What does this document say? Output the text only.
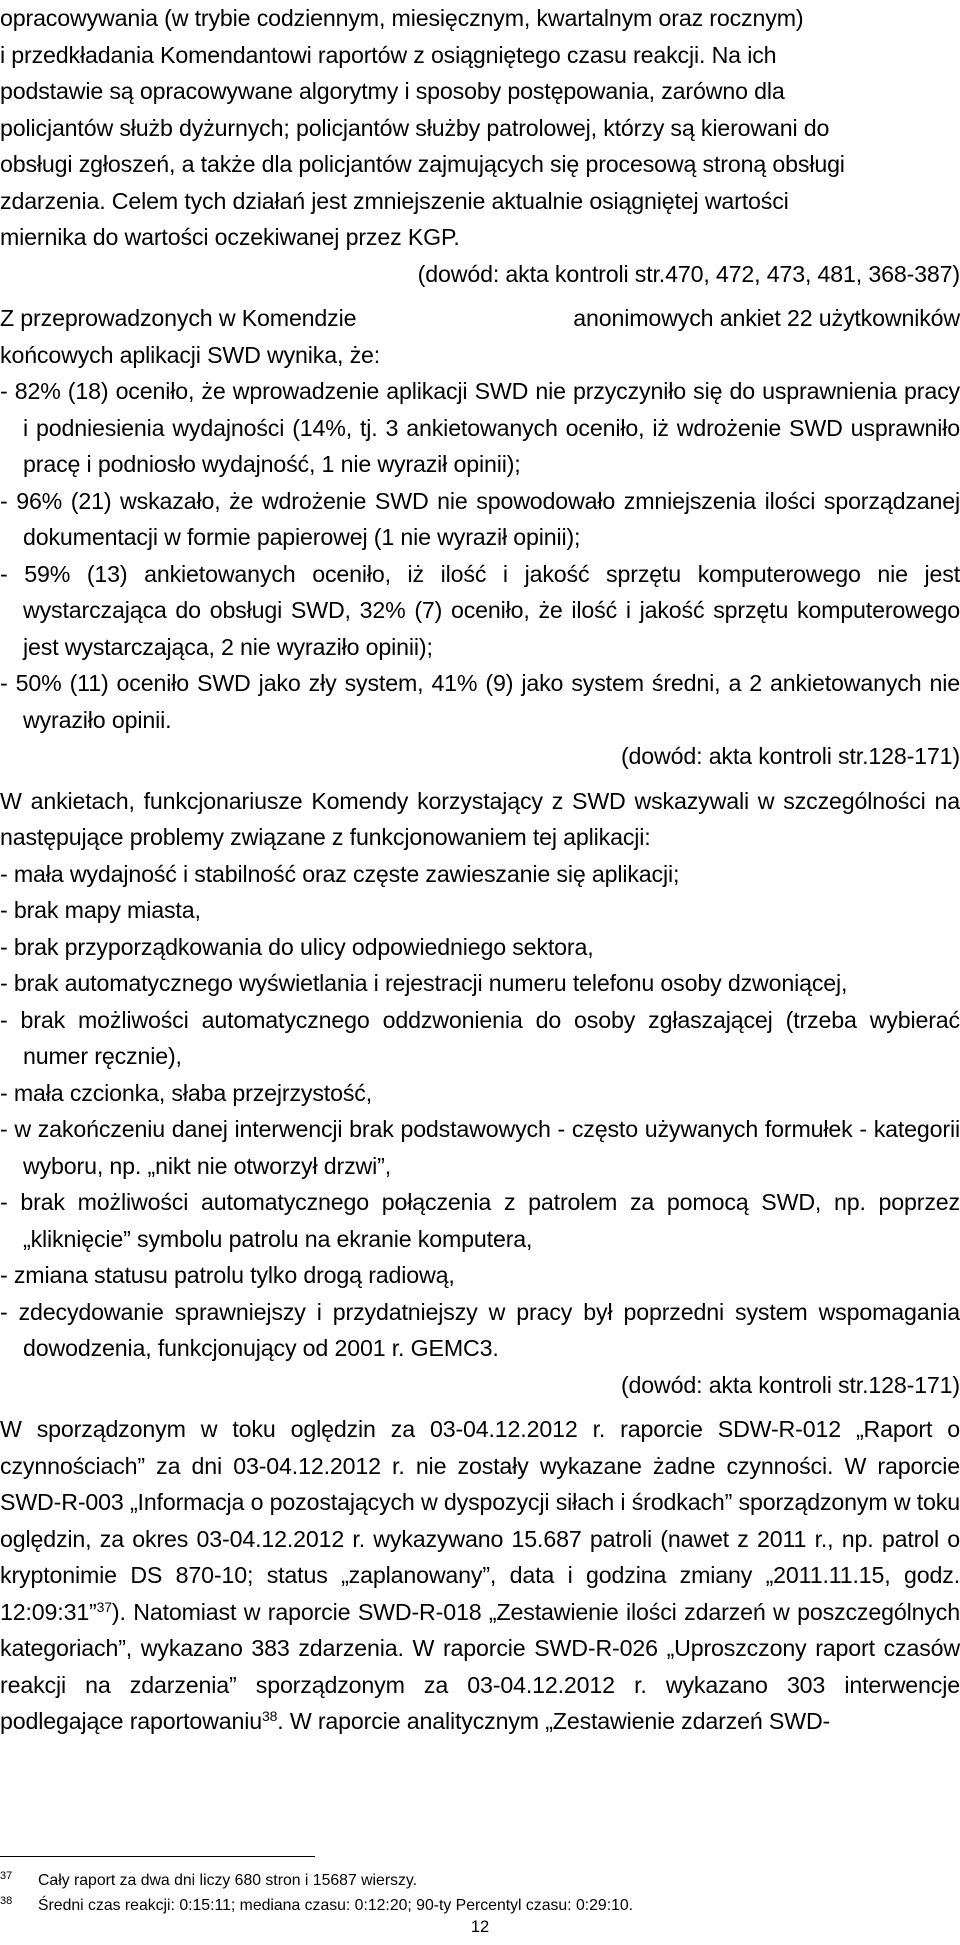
opracowywania (w trybie codziennym, miesięcznym, kwartalnym oraz rocznym)

i przedkładania Komendantowi raportów z osiągniętego czasu reakcji. Na ich

podstawie są opracowywane algorytmy i sposoby postępowania, zarówno dla

policjantów służb dyżurnych; policjantów służby patrolowej, którzy są kierowani do

obsługi zgłoszeń, a także dla policjantów zajmujących się procesową stroną obsługi

zdarzenia. Celem tych działań jest zmniejszenie aktualnie osiągniętej wartości

miernika do wartości oczekiwanej przez KGP.

(dowód: akta kontroli str.470, 472, 473, 481, 368-387)

Z przeprowadzonych w Komendzie	anonimowych ankiet 22 użytkowników

końcowych aplikacji SWD wynika, że:

- 82% (18) oceniło, że wprowadzenie aplikacji SWD nie przyczyniło się do usprawnienia pracy i podniesienia wydajności (14%, tj. 3 ankietowanych oceniło, iż wdrożenie SWD usprawniło pracę i podniosło wydajność, 1 nie wyraził opinii);

- 96% (21) wskazało, że wdrożenie SWD nie spowodowało zmniejszenia ilości sporządzanej dokumentacji w formie papierowej (1 nie wyraził opinii);

- 59% (13) ankietowanych oceniło, iż ilość i jakość sprzętu komputerowego nie jest wystarczająca do obsługi SWD, 32% (7) oceniło, że ilość i jakość sprzętu komputerowego jest wystarczająca, 2 nie wyraziło opinii);

- 50% (11) oceniło SWD jako zły system, 41% (9) jako system średni, a 2 ankietowanych nie wyraziło opinii.

(dowód: akta kontroli str.128-171)

W ankietach, funkcjonariusze Komendy korzystający z SWD wskazywali w szczególności na następujące problemy związane z funkcjonowaniem tej aplikacji:

- mała wydajność i stabilność oraz częste zawieszanie się aplikacji;

- brak mapy miasta,

- brak przyporządkowania do ulicy odpowiedniego sektora,

- brak automatycznego wyświetlania i rejestracji numeru telefonu osoby dzwoniącej,

- brak możliwości automatycznego oddzwonienia do osoby zgłaszającej (trzeba wybierać numer ręcznie),

- mała czcionka, słaba przejrzystość,

- w zakończeniu danej interwencji brak podstawowych - często używanych formułek - kategorii wyboru, np. „nikt nie otworzył drzwi”,

- brak możliwości automatycznego połączenia z patrolem za pomocą SWD, np. poprzez „kliknięcie” symbolu patrolu na ekranie komputera,

- zmiana statusu patrolu tylko drogą radiową,

- zdecydowanie sprawniejszy i przydatniejszy w pracy był poprzedni system wspomagania dowodzenia, funkcjonujący od 2001 r. GEMC3.

(dowód: akta kontroli str.128-171)

W sporządzonym w toku oględzin za 03-04.12.2012 r. raporcie SDW-R-012 „Raport o czynnościach” za dni 03-04.12.2012 r. nie zostały wykazane żadne czynności. W raporcie SWD-R-003 „Informacja o pozostających w dyspozycji siłach i środkach” sporządzonym w toku oględzin, za okres 03-04.12.2012 r. wykazywano 15.687 patroli (nawet z 2011 r., np. patrol o kryptonimie DS 870-10; status „zaplanowany”, data i godzina zmiany „2011.11.15, godz. 12:09:31”$^{37}$). Natomiast w raporcie SWD-R-018 „Zestawienie ilości zdarzeń w poszczególnych kategoriach”, wykazano 383 zdarzenia. W raporcie SWD-R-026 „Uproszczony raport czasów reakcji na zdarzenia” sporządzonym za 03-04.12.2012 r. wykazano 303 interwencje podlegające raportowaniu$^{38}$. W raporcie analitycznym „Zestawienie zdarzeń SWD-

37 Cały raport za dwa dni liczy 680 stron i 15687 wierszy.
38 Średni czas reakcji: 0:15:11; mediana czasu: 0:12:20; 90-ty Percentyl czasu: 0:29:10.
12
